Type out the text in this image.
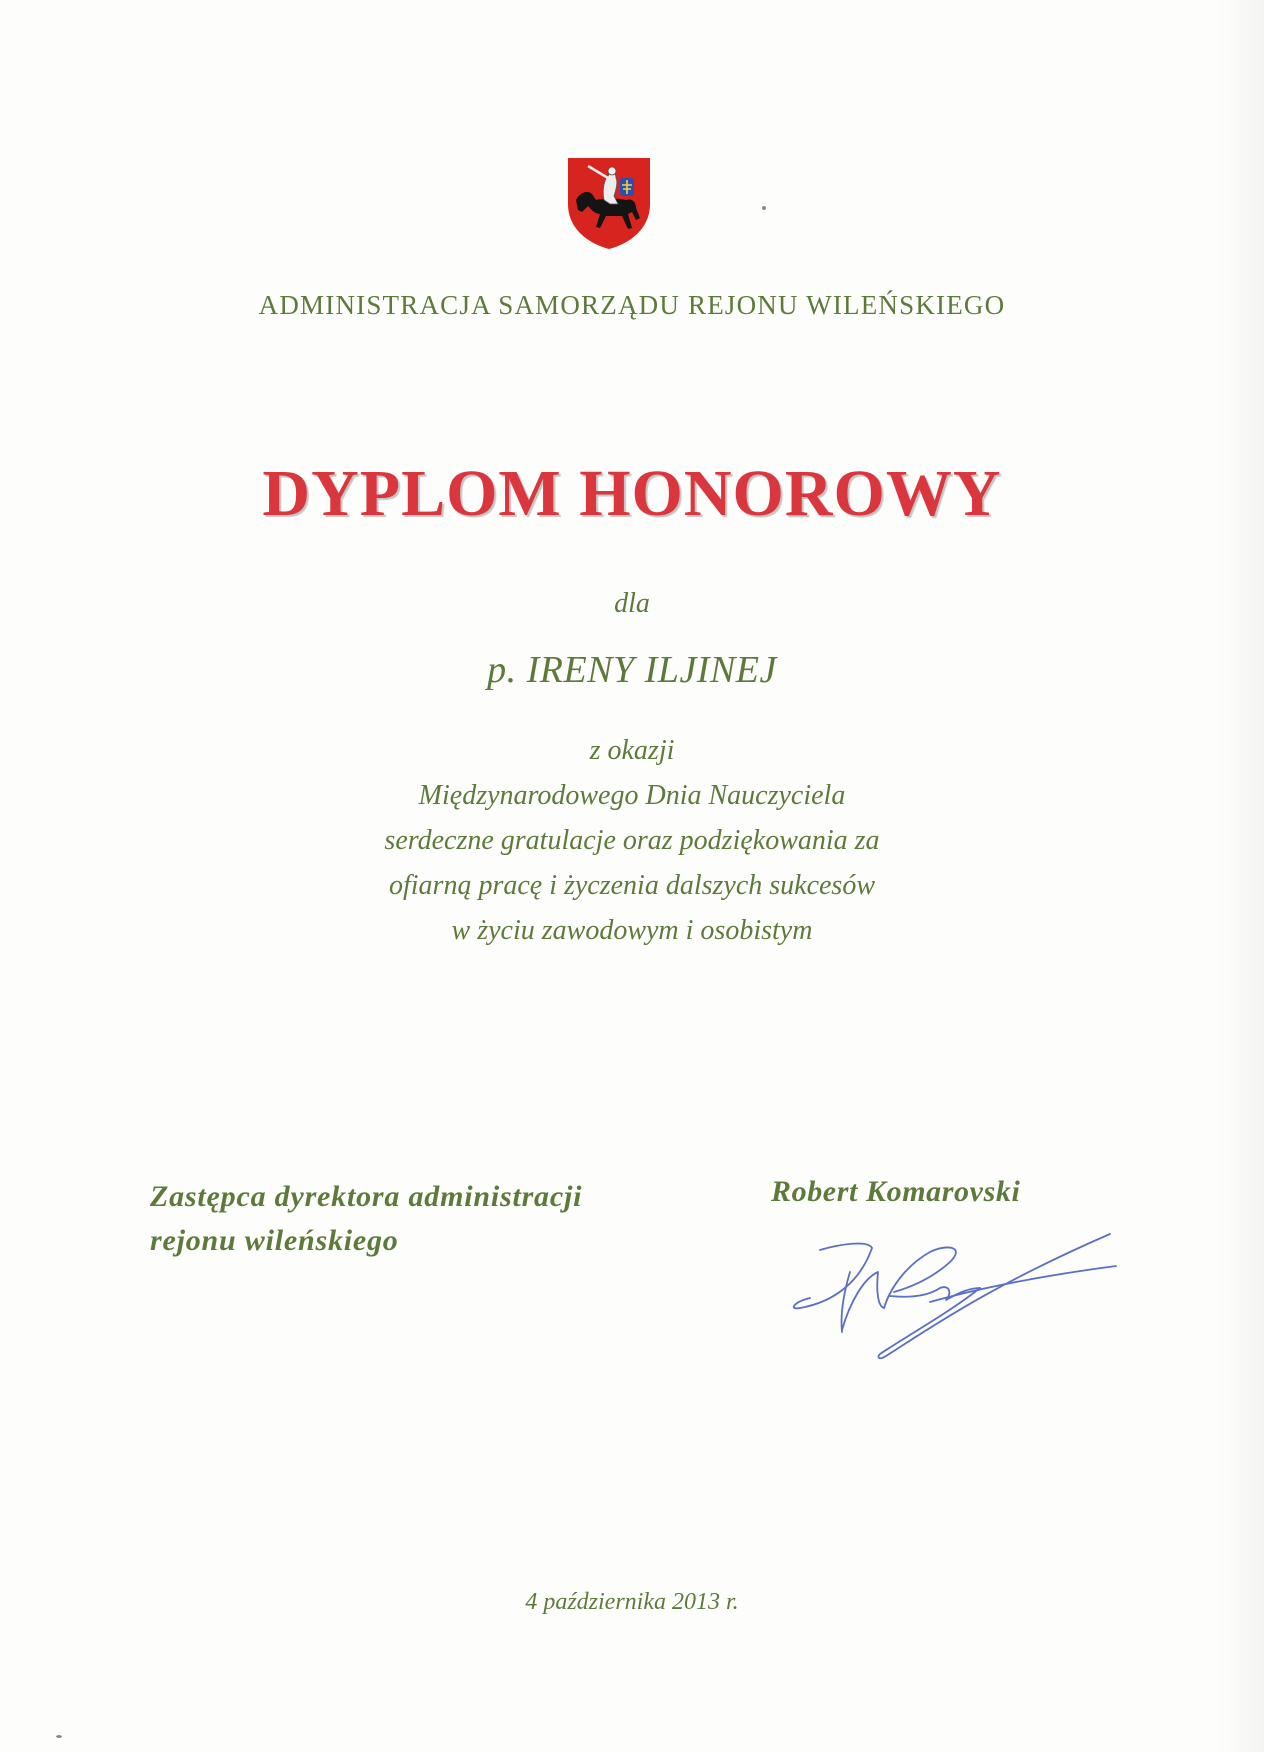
ADMINISTRACJA SAMORZĄDU REJONU WILEŃSKIEGO
DYPLOM HONOROWY
dla
p. IRENY ILJINEJ
z okazji
Międzynarodowego Dnia Nauczyciela
serdeczne gratulacje oraz podziękowania za
ofiarną pracę i życzenia dalszych sukcesów
w życiu zawodowym i osobistym
Zastępca dyrektora administracji
rejonu wileńskiego
Robert Komarovski
4 października 2013 r.
